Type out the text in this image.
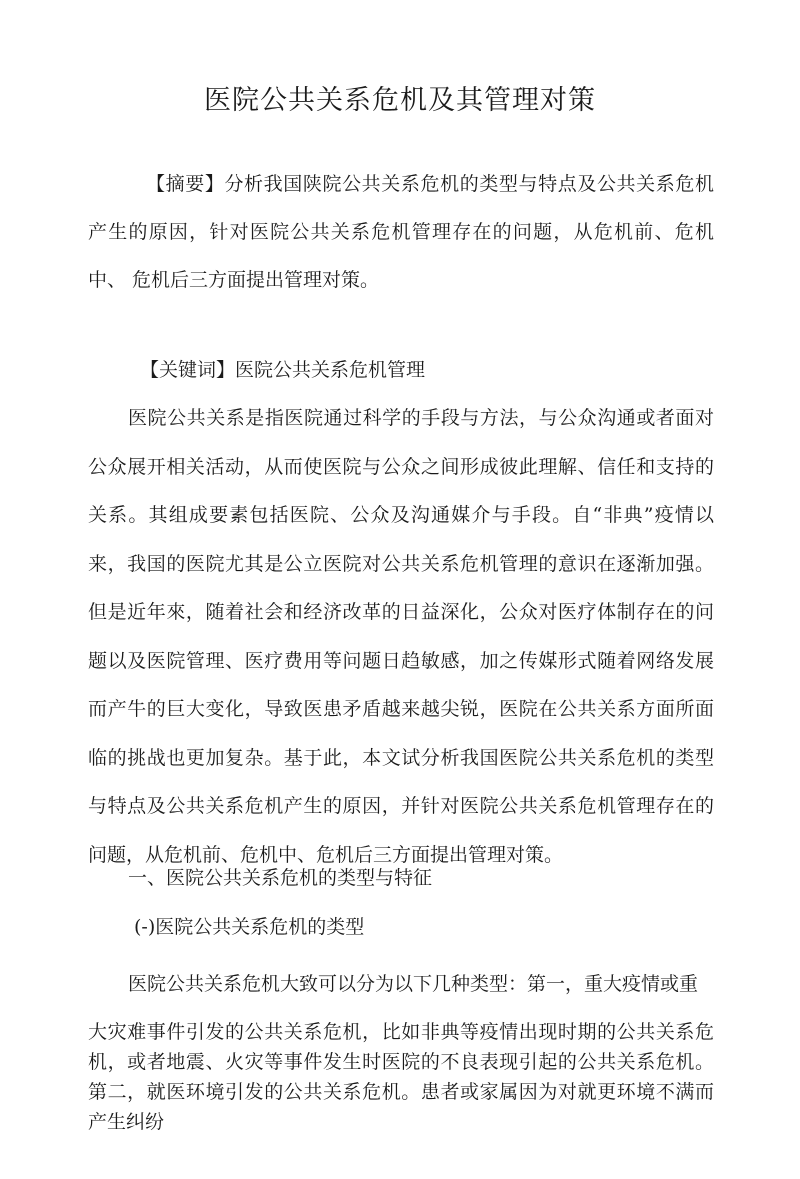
医院公共关系危机及其管理对策

【摘要】分析我国陕院公共关系危机的类型与特点及公共关系危机 产生的原因，针对医院公共关系危机管理存在的问题，从危机前、危机中、 危机后三方面提出管理对策。

【关键词】医院公共关系危机管理

医院公共关系是指医院通过科学的手段与方法，与公众沟通或者面对 公众展开相关活动，从而使医院与公众之间形成彼此理解、信任和支持的 关系。其组成要素包括医院、公众及沟通媒介与手段。自“非典”疫情以 来，我国的医院尤其是公立医院对公共关系危机管理的意识在逐渐加强。但是近年來，随着社会和经济改革的日益深化，公众对医疗体制存在的问 题以及医院管理、医疗费用等问题日趋敏感，加之传媒形式随着网络发展 而产牛的巨大变化，导致医患矛盾越来越尖锐，医院在公共关系方面所面 临的挑战也更加复杂。基于此，本文试分析我国医院公共关系危机的类型 与特点及公共关系危机产生的原因，并针对医院公共关系危机管理存在的 问题，从危机前、危机中、危机后三方面提出管理对策。

一、医院公共关系危机的类型与特征
(-)医院公共关系危机的类型

医院公共关系危机大致可以分为以下几种类型：第一，重大疫情或重

大灾难事件引发的公共关系危机，比如非典等疫情出现时期的公共关系危 机，或者地震、火灾等事件发生时医院的不良表现引起的公共关系危机。 第二，就医环境引发的公共关系危机。患者或家属因为对就更环境不满而 产生纠纷
